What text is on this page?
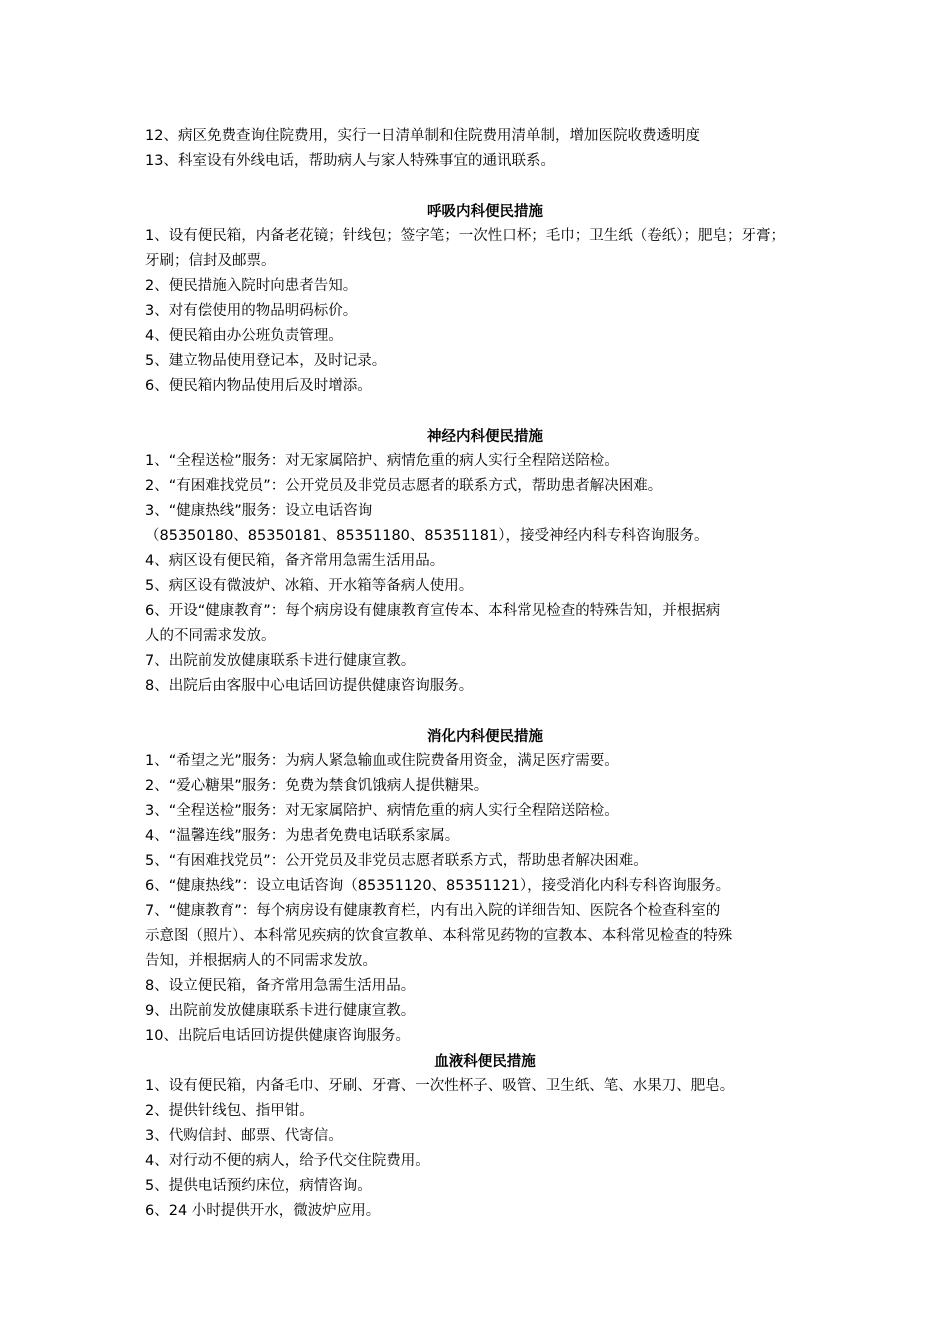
12、病区免费查询住院费用，实行一日清单制和住院费用清单制，增加医院收费透明度
13、科室设有外线电话，帮助病人与家人特殊事宜的通讯联系。
呼吸内科便民措施
1、设有便民箱，内备老花镜；针线包；签字笔；一次性口杯；毛巾；卫生纸（卷纸）；肥皂；牙膏；
牙刷；信封及邮票。
2、便民措施入院时向患者告知。
3、对有偿使用的物品明码标价。
4、便民箱由办公班负责管理。
5、建立物品使用登记本，及时记录。
6、便民箱内物品使用后及时增添。
神经内科便民措施
1、“全程送检”服务：对无家属陪护、病情危重的病人实行全程陪送陪检。
2、“有困难找党员”：公开党员及非党员志愿者的联系方式，帮助患者解决困难。
3、“健康热线”服务：设立电话咨询
（85350180、85350181、85351180、85351181），接受神经内科专科咨询服务。
4、病区设有便民箱，备齐常用急需生活用品。
5、病区设有微波炉、冰箱、开水箱等备病人使用。
6、开设“健康教育”：每个病房设有健康教育宣传本、本科常见检查的特殊告知，并根据病
人的不同需求发放。
7、出院前发放健康联系卡进行健康宣教。
8、出院后由客服中心电话回访提供健康咨询服务。
消化内科便民措施
1、“希望之光”服务：为病人紧急输血或住院费备用资金，满足医疗需要。
2、“爱心糖果”服务：免费为禁食饥饿病人提供糖果。
3、“全程送检”服务：对无家属陪护、病情危重的病人实行全程陪送陪检。
4、“温馨连线”服务：为患者免费电话联系家属。
5、“有困难找党员”：公开党员及非党员志愿者联系方式，帮助患者解决困难。
6、“健康热线”：设立电话咨询（85351120、85351121），接受消化内科专科咨询服务。
7、“健康教育”：每个病房设有健康教育栏，内有出入院的详细告知、医院各个检查科室的
示意图（照片）、本科常见疾病的饮食宣教单、本科常见药物的宣教本、本科常见检查的特殊
告知，并根据病人的不同需求发放。
8、设立便民箱，备齐常用急需生活用品。
9、出院前发放健康联系卡进行健康宣教。
10、出院后电话回访提供健康咨询服务。
血液科便民措施
1、设有便民箱，内备毛巾、牙刷、牙膏、一次性杯子、吸管、卫生纸、笔、水果刀、肥皂。
2、提供针线包、指甲钳。
3、代购信封、邮票、代寄信。
4、对行动不便的病人，给予代交住院费用。
5、提供电话预约床位，病情咨询。
6、24 小时提供开水，微波炉应用。
